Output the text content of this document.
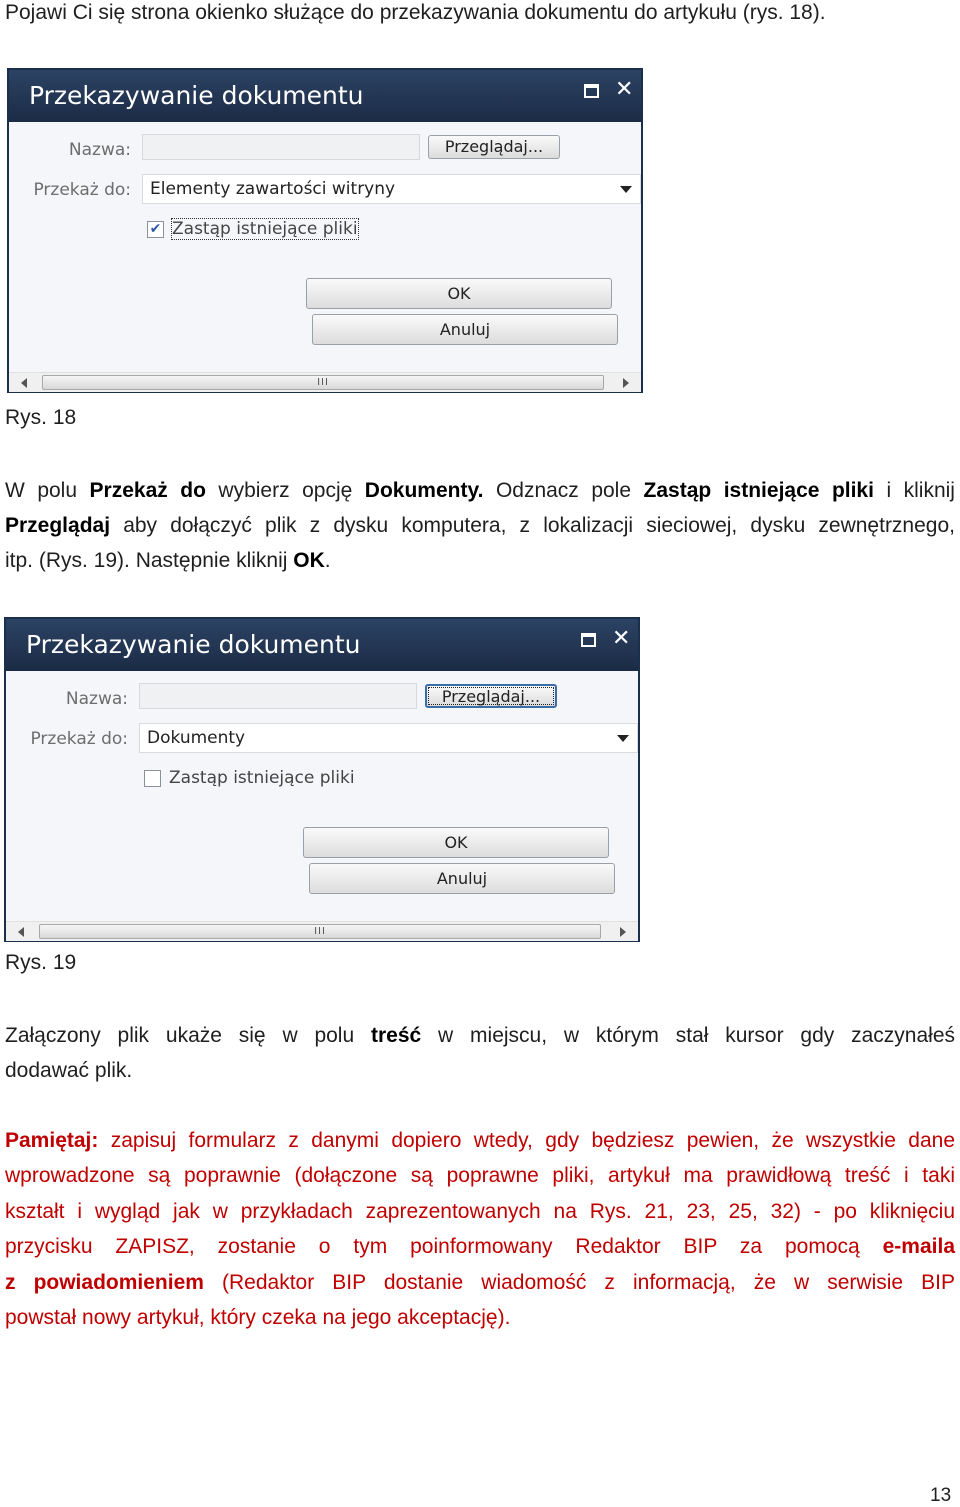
Pojawi Ci się strona okienko służące do przekazywania dokumentu do artykułu (rys. 18).
Przekazywanie dokumentu	✕
Nazwa:	Przeglądaj...
Przekaż do:	Elementy zawartości witryny
✔ Zastąp istniejące pliki
OK
Anuluj
III
Rys. 18
W polu Przekaż do wybierz opcję Dokumenty. Odznacz pole Zastąp istniejące pliki i kliknij
Przeglądaj aby dołączyć plik z dysku komputera, z lokalizacji sieciowej, dysku zewnętrznego,
itp. (Rys. 19). Następnie kliknij OK.
Przekazywanie dokumentu	✕
Nazwa:	Przeglądaj...
Przekaż do:	Dokumenty
Zastąp istniejące pliki
OK
Anuluj
III
Rys. 19
Załączony plik ukaże się w polu treść w miejscu, w którym stał kursor gdy zaczynałeś
dodawać plik.
Pamiętaj: zapisuj formularz z danymi dopiero wtedy, gdy będziesz pewien, że wszystkie dane
wprowadzone są poprawnie (dołączone są poprawne pliki, artykuł ma prawidłową treść i taki
kształt i wygląd jak w przykładach zaprezentowanych na Rys. 21, 23, 25, 32) - po kliknięciu
przycisku ZAPISZ, zostanie o tym poinformowany Redaktor BIP za pomocą e-maila
z powiadomieniem (Redaktor BIP dostanie wiadomość z informacją, że w serwisie BIP
powstał nowy artykuł, który czeka na jego akceptację).
13
